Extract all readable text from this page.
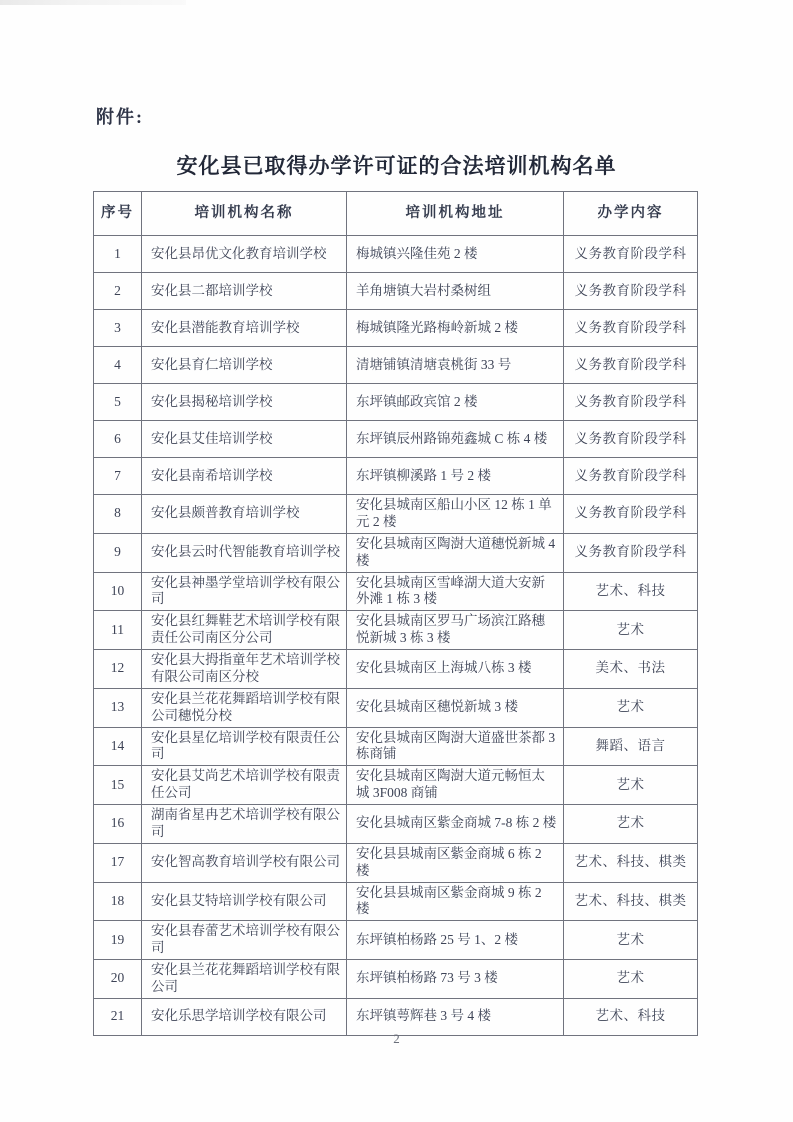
附件:
安化县已取得办学许可证的合法培训机构名单
序号	培训机构名称	培训机构地址	办学内容
1	安化县昂优文化教育培训学校	梅城镇兴隆佳苑 2 楼	义务教育阶段学科
2	安化县二都培训学校	羊角塘镇大岩村桑树组	义务教育阶段学科
3	安化县潜能教育培训学校	梅城镇隆光路梅岭新城 2 楼	义务教育阶段学科
4	安化县育仁培训学校	清塘铺镇清塘袁桃街 33 号	义务教育阶段学科
5	安化县揭秘培训学校	东坪镇邮政宾馆 2 楼	义务教育阶段学科
6	安化县艾佳培训学校	东坪镇辰州路锦苑鑫城 C 栋 4 楼	义务教育阶段学科
7	安化县南希培训学校	东坪镇柳溪路 1 号 2 楼	义务教育阶段学科
8	安化县颇普教育培训学校	安化县城南区船山小区 12 栋 1 单元 2 楼	义务教育阶段学科
9	安化县云时代智能教育培训学校	安化县城南区陶澍大道穗悦新城 4 楼	义务教育阶段学科
10	安化县神墨学堂培训学校有限公司	安化县城南区雪峰湖大道大安新外滩 1 栋 3 楼	艺术、科技
11	安化县红舞鞋艺术培训学校有限责任公司南区分公司	安化县城南区罗马广场滨江路穗悦新城 3 栋 3 楼	艺术
12	安化县大拇指童年艺术培训学校有限公司南区分校	安化县城南区上海城八栋 3 楼	美术、书法
13	安化县兰花花舞蹈培训学校有限公司穗悦分校	安化县城南区穗悦新城 3 楼	艺术
14	安化县星亿培训学校有限责任公司	安化县城南区陶澍大道盛世茶都 3 栋商铺	舞蹈、语言
15	安化县艾尚艺术培训学校有限责任公司	安化县城南区陶澍大道元畅恒太城 3F008 商铺	艺术
16	湖南省星冉艺术培训学校有限公司	安化县城南区紫金商城 7-8 栋 2 楼	艺术
17	安化智高教育培训学校有限公司	安化县县城南区紫金商城 6 栋 2 楼	艺术、科技、棋类
18	安化县艾特培训学校有限公司	安化县县城南区紫金商城 9 栋 2 楼	艺术、科技、棋类
19	安化县春蕾艺术培训学校有限公司	东坪镇柏杨路 25 号 1、2 楼	艺术
20	安化县兰花花舞蹈培训学校有限公司	东坪镇柏杨路 73 号 3 楼	艺术
21	安化乐思学培训学校有限公司	东坪镇萼辉巷 3 号 4 楼	艺术、科技
2
